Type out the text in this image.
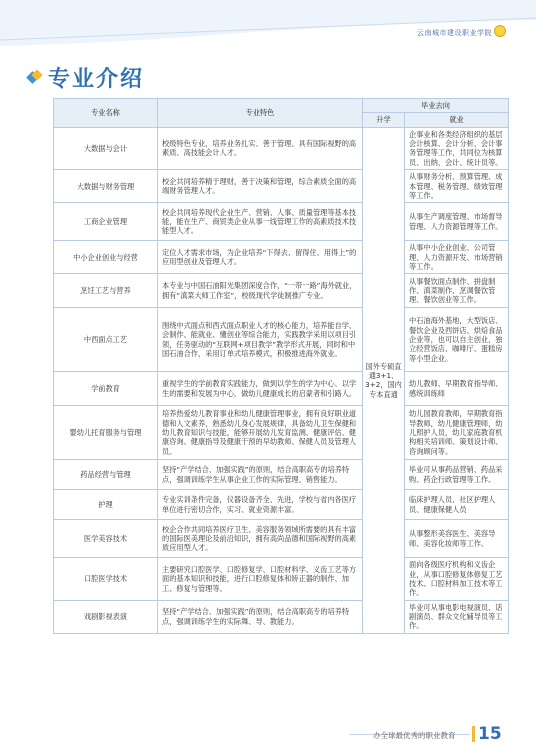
云南城市建设职业学院
专业介绍
专业名称	专业特色	毕业去向	
		升学	就业
大数据与会计	校级特色专业，培养业务扎实、善于管理、具有国际视野的高素质、高技能会计人才。	国外专硕直通3+1、3+2，国内专本直通	企事业和各类经济组织的基层会计核算、会计分析、会计事务管理等工作，共同位为核算员、出纳、会计、统计员等。
大数据与财务管理	校企共同培养精于理财，善于决策和管理，综合素质全面的高端财务管理人才。		从事财务分析、预算管理、成本管理、税务管理、绩效管理等工作。
工商企业管理	校企共同培养现代企业生产、营销、人事、质量管理等基本技能，能在生产、商贸类企业从事一线管理工作的高素质技术技能型人才。		从事生产调度管理、市场督导管理、人力资源管理等工作。
中小企业创业与经营	定位人才需求市场，为企业培养“下得去、留得住、用得上”的应用型创业及管理人才。		从事中小企业创业、公司管理、人力资源开发、市场营销等工作。
烹饪工艺与营养	本专业与中国石油阳光集团深度合作，“一带一路”海外就业，拥有“滇菜大师工作室”，校级现代学徒制推广专业。		从事餐饮面点制作、拼盘制作、滇菜制作、烹调餐饮管理、餐饮创业等工作。
中西面点工艺	围绕中式面点和西式面点职业人才的核心能力，培养能自学、会制作、能就业、懂创业等综合能力，实践教学采用以项目引领，任务驱动的“互联网+项目教学”教学形式开展，同时和中国石油合作，采用订单式培养模式，积极推进海外就业。		中石油海外基地，大型饭店、餐饮企业及西饼店、烘焙食品企业等，也可以自主创业，独立经营饭店、咖啡厅、蛋糕房等小型企业。
学前教育	重视学生的学前教育实践能力，做到以学生的学为中心、以学生的需要和发展为中心，做幼儿健康成长的启蒙者和引路人。		幼儿教师、早期教育指导师、感统训练师
婴幼儿托育服务与管理	培养热爱幼儿教育事业和幼儿健康管理事业，拥有良好职业道德和人文素养，熟悉幼儿身心发展规律，具备幼儿卫生保健和幼儿教育知识与技能，能够开展幼儿发育监测、健康评估、健康咨询、健康指导及健康干预的早幼教师、保健人员及管理人员。		幼儿园教育教师，早期教育指导教师，幼儿健康管理师，幼儿照护人员，幼儿家庭教育机构相关培训师、策划设计师、咨询顾问等。
药品经营与管理	坚持“产学结合、加强实践”的原则，结合高职高专的培养特点，强调训练学生从事企业工作的实际管理、销售能力。		毕业可从事药品营销、药品采购、药企行政管理等工作。
护理	专业实训条件完备，仪器设备齐全、先进，学校与省内各医疗单位进行密切合作，实习、就业资源丰富。		临床护理人员、社区护理人员、健康保健人员
医学美容技术	校企合作共同培养医疗卫生、美容服务领域所需要的具有丰富的国际医美理论及前沿知识，拥有高尚品德和国际视野的高素质应用型人才。		从事整形美容医生、美容导师、美容化妆师等工作。
口腔医学技术	主要研究口腔医学、口腔修复学、口腔材料学、义齿工艺等方面的基本知识和技能，进行口腔修复体和矫正器的制作、加工、修复与管理等。		面向各级医疗机构和义齿企业，从事口腔修复体修复工艺技术、口腔材料加工技术等工作。
戏剧影视表演	坚持“产学结合、加强实践”的原则，结合高职高专的培养特点，强调训练学生的实际舞、导、教能力。		毕业可从事电影电视演员、话剧演员、群众文化辅导员等工作。
办全球最优秀的职业教育 15
